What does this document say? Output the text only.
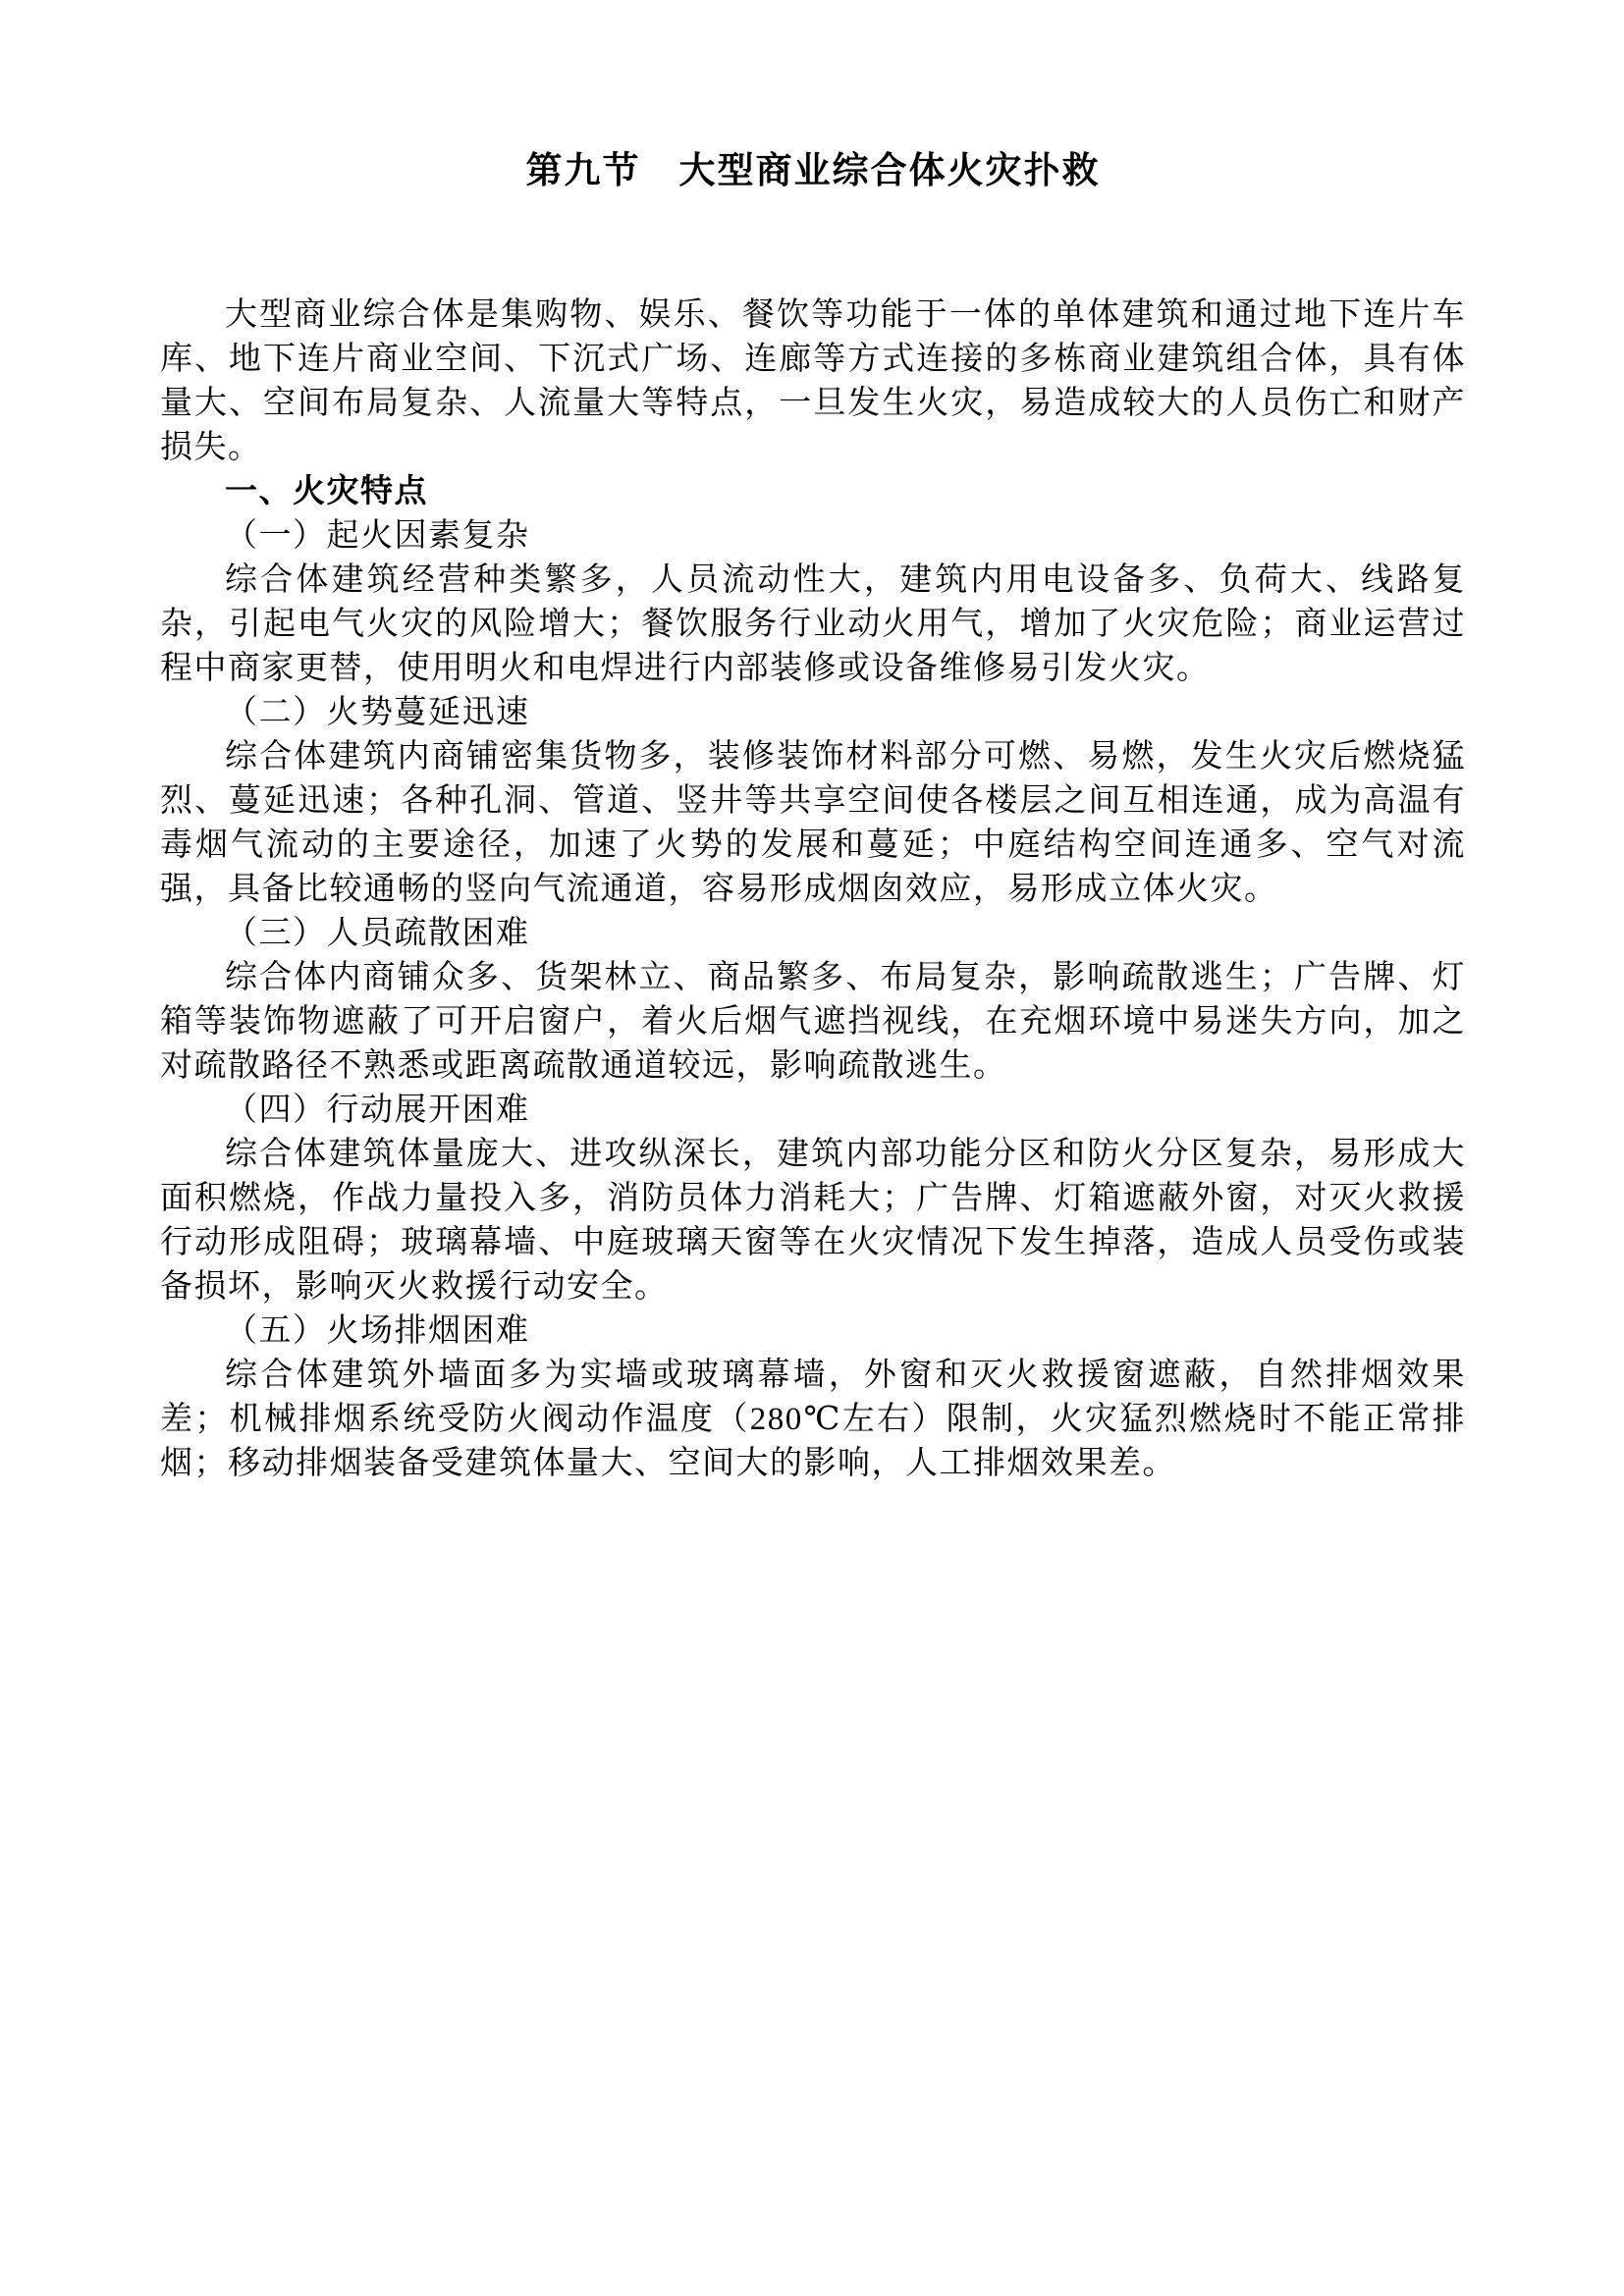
第九节　大型商业综合体火灾扑救

大型商业综合体是集购物、娱乐、餐饮等功能于一体的单体建筑和通过地下连片车库、地下连片商业空间、下沉式广场、连廊等方式连接的多栋商业建筑组合体，具有体量大、空间布局复杂、人流量大等特点，一旦发生火灾，易造成较大的人员伤亡和财产损失。

一、火灾特点

（一）起火因素复杂

综合体建筑经营种类繁多，人员流动性大，建筑内用电设备多、负荷大、线路复杂，引起电气火灾的风险增大；餐饮服务行业动火用气，增加了火灾危险；商业运营过程中商家更替，使用明火和电焊进行内部装修或设备维修易引发火灾。

（二）火势蔓延迅速

综合体建筑内商铺密集货物多，装修装饰材料部分可燃、易燃，发生火灾后燃烧猛烈、蔓延迅速；各种孔洞、管道、竖井等共享空间使各楼层之间互相连通，成为高温有毒烟气流动的主要途径，加速了火势的发展和蔓延；中庭结构空间连通多、空气对流强，具备比较通畅的竖向气流通道，容易形成烟囱效应，易形成立体火灾。

（三）人员疏散困难

综合体内商铺众多、货架林立、商品繁多、布局复杂，影响疏散逃生；广告牌、灯箱等装饰物遮蔽了可开启窗户，着火后烟气遮挡视线，在充烟环境中易迷失方向，加之对疏散路径不熟悉或距离疏散通道较远，影响疏散逃生。

（四）行动展开困难

综合体建筑体量庞大、进攻纵深长，建筑内部功能分区和防火分区复杂，易形成大面积燃烧，作战力量投入多，消防员体力消耗大；广告牌、灯箱遮蔽外窗，对灭火救援行动形成阻碍；玻璃幕墙、中庭玻璃天窗等在火灾情况下发生掉落，造成人员受伤或装备损坏，影响灭火救援行动安全。

（五）火场排烟困难

综合体建筑外墙面多为实墙或玻璃幕墙，外窗和灭火救援窗遮蔽，自然排烟效果差；机械排烟系统受防火阀动作温度（280℃左右）限制，火灾猛烈燃烧时不能正常排烟；移动排烟装备受建筑体量大、空间大的影响，人工排烟效果差。
